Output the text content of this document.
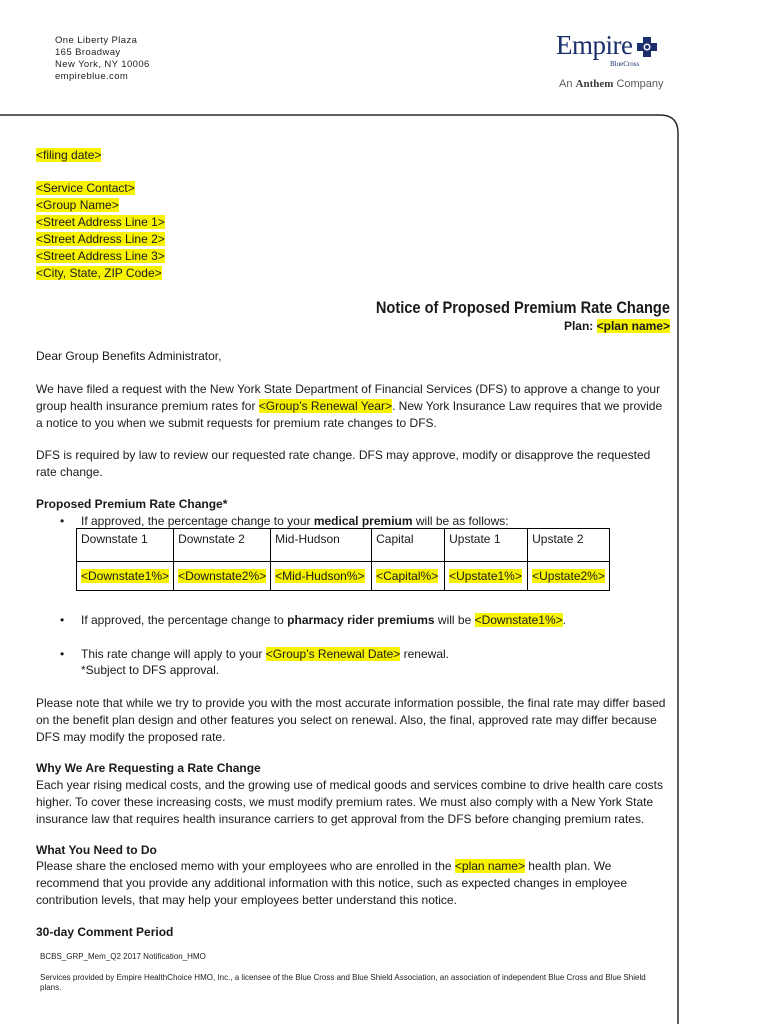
One Liberty Plaza
165 Broadway
New York, NY 10006
empireblue.com
Empire
BlueCross
An Anthem Company
<filing date>
<Service Contact>
<Group Name>
<Street Address Line 1>
<Street Address Line 2>
<Street Address Line 3>
<City, State, ZIP Code>
Notice of Proposed Premium Rate Change
Plan: <plan name>
Dear Group Benefits Administrator,
We have filed a request with the New York State Department of Financial Services (DFS) to approve a change to your group health insurance premium rates for <Group’s Renewal Year>. New York Insurance Law requires that we provide a notice to you when we submit requests for premium rate changes to DFS.
DFS is required by law to review our requested rate change. DFS may approve, modify or disapprove the requested rate change.
Proposed Premium Rate Change*
• If approved, the percentage change to your medical premium will be as follows:
Downstate 1	Downstate 2	Mid-Hudson	Capital	Upstate 1	Upstate 2
<Downstate1%>	<Downstate2%>	<Mid-Hudson%>	<Capital%>	<Upstate1%>	<Upstate2%>
• If approved, the percentage change to pharmacy rider premiums will be <Downstate1%>.
• This rate change will apply to your <Group’s Renewal Date> renewal.
*Subject to DFS approval.
Please note that while we try to provide you with the most accurate information possible, the final rate may differ based on the benefit plan design and other features you select on renewal. Also, the final, approved rate may differ because DFS may modify the proposed rate.
Why We Are Requesting a Rate Change
Each year rising medical costs, and the growing use of medical goods and services combine to drive health care costs higher. To cover these increasing costs, we must modify premium rates. We must also comply with a New York State insurance law that requires health insurance carriers to get approval from the DFS before changing premium rates.
What You Need to Do
Please share the enclosed memo with your employees who are enrolled in the <plan name> health plan. We recommend that you provide any additional information with this notice, such as expected changes in employee contribution levels, that may help your employees better understand this notice.
30-day Comment Period
BCBS_GRP_Mem_Q2 2017 Notification_HMO
Services provided by Empire HealthChoice HMO, Inc., a licensee of the Blue Cross and Blue Shield Association, an association of independent Blue Cross and Blue Shield plans.
